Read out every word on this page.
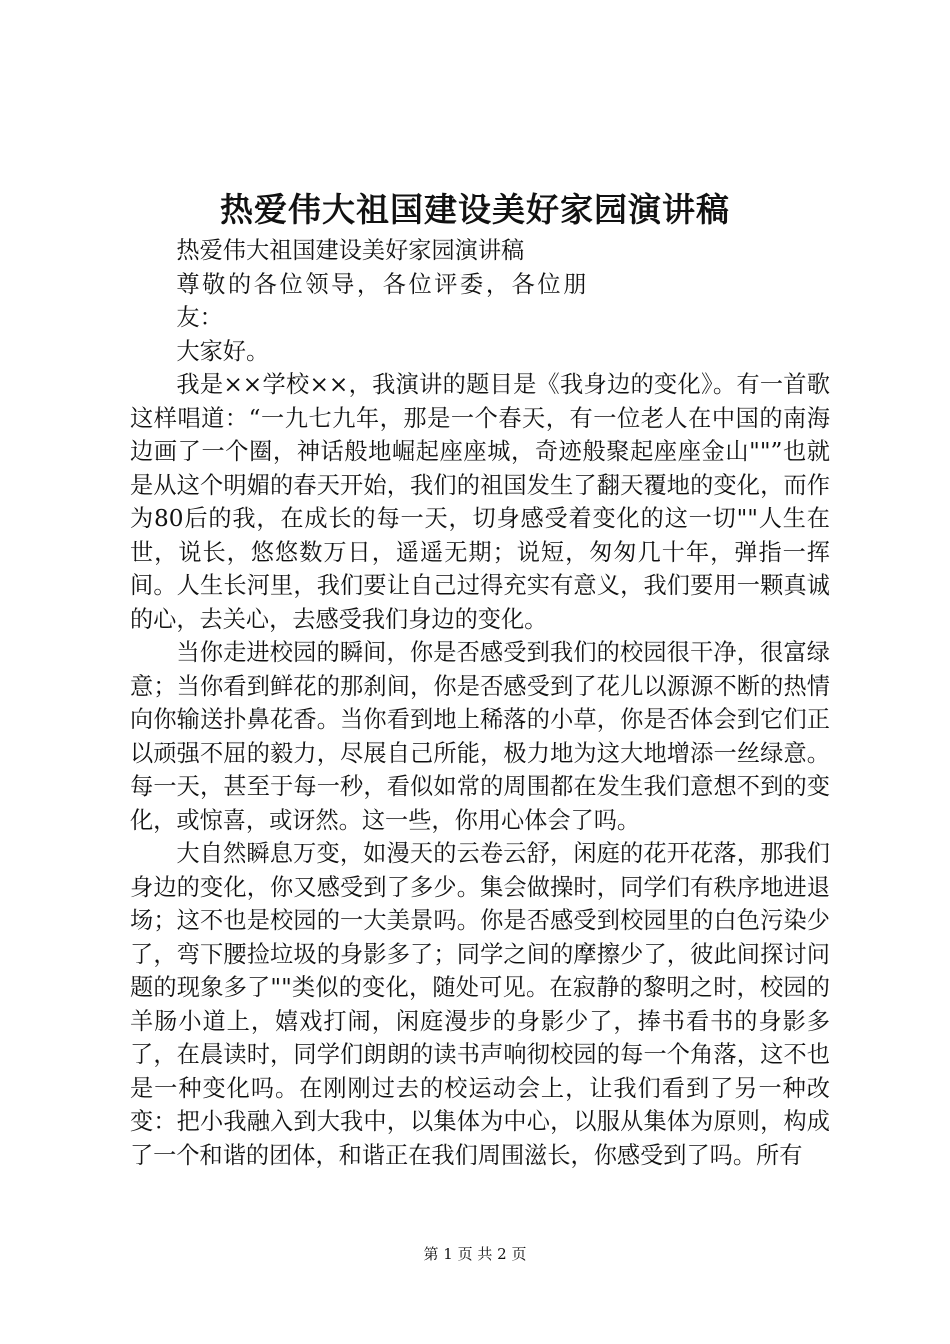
热爱伟大祖国建设美好家园演讲稿
热爱伟大祖国建设美好家园演讲稿
尊敬的各位领导，各位评委，各位朋友：
大家好。

我是××学校××，我演讲的题目是《我身边的变化》。有一首歌这样唱道：“一九七九年，那是一个春天，有一位老人在中国的南海边画了一个圈，神话般地崛起座座城，奇迹般聚起座座金山""”也就是从这个明媚的春天开始，我们的祖国发生了翻天覆地的变化，而作为80后的我，在成长的每一天，切身感受着变化的这一切""人生在世，说长，悠悠数万日，遥遥无期；说短，匆匆几十年，弹指一挥间。人生长河里，我们要让自己过得充实有意义，我们要用一颗真诚的心，去关心，去感受我们身边的变化。

当你走进校园的瞬间，你是否感受到我们的校园很干净，很富绿意；当你看到鲜花的那刹间，你是否感受到了花儿以源源不断的热情向你输送扑鼻花香。当你看到地上稀落的小草，你是否体会到它们正以顽强不屈的毅力，尽展自己所能，极力地为这大地增添一丝绿意。每一天，甚至于每一秒，看似如常的周围都在发生我们意想不到的变化，或惊喜，或讶然。这一些，你用心体会了吗。

大自然瞬息万变，如漫天的云卷云舒，闲庭的花开花落，那我们身边的变化，你又感受到了多少。集会做操时，同学们有秩序地进退场；这不也是校园的一大美景吗。你是否感受到校园里的白色污染少了，弯下腰捡垃圾的身影多了；同学之间的摩擦少了，彼此间探讨问题的现象多了""类似的变化，随处可见。在寂静的黎明之时，校园的羊肠小道上，嬉戏打闹，闲庭漫步的身影少了，捧书看书的身影多了，在晨读时，同学们朗朗的读书声响彻校园的每一个角落，这不也是一种变化吗。在刚刚过去的校运动会上，让我们看到了另一种改变：把小我融入到大我中，以集体为中心，以服从集体为原则，构成了一个和谐的团体，和谐正在我们周围滋长，你感受到了吗。所有

第 1 页 共 2 页
